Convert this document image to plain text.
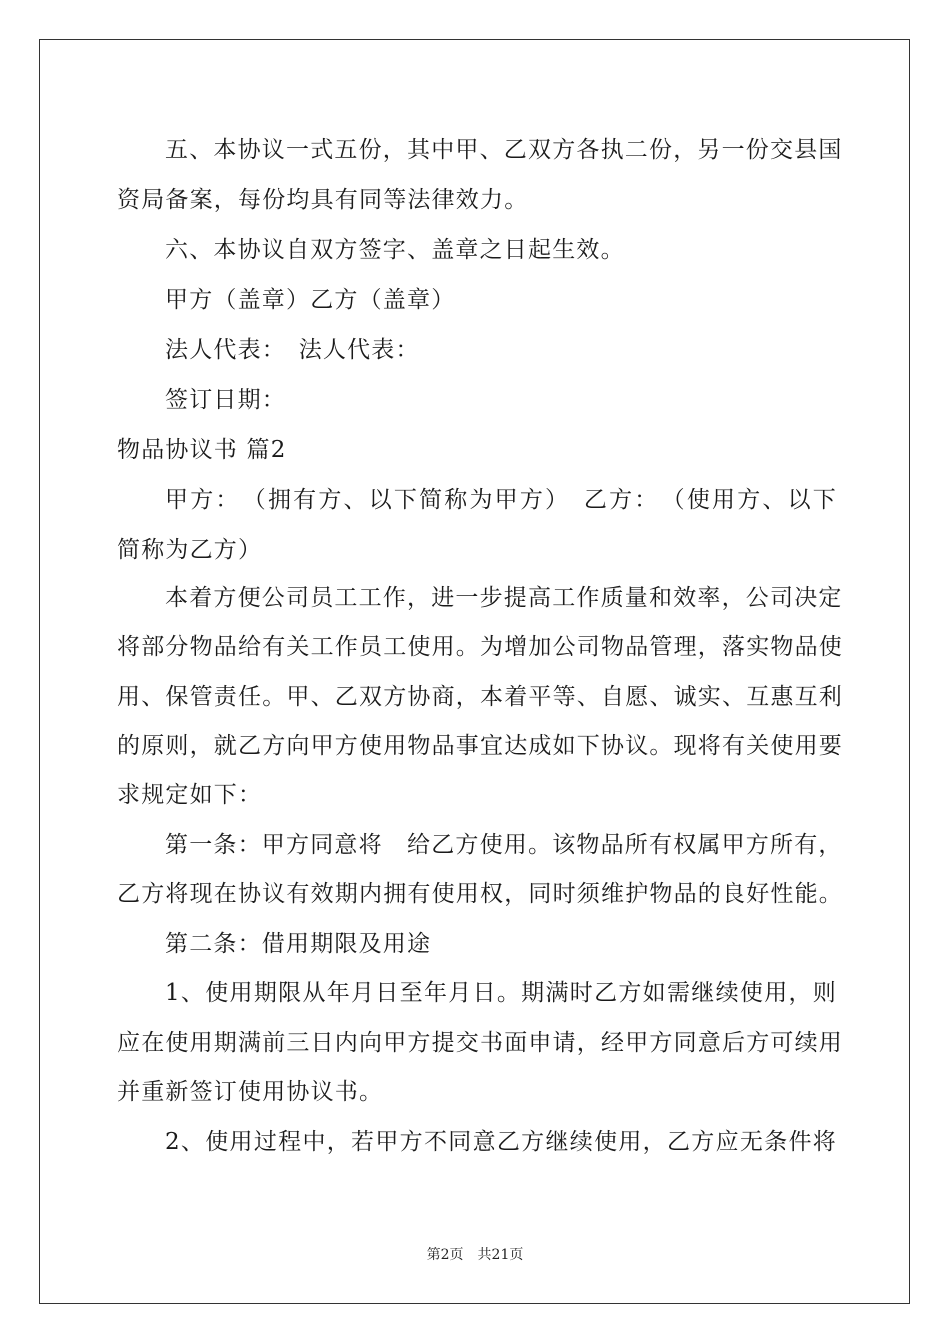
五、本协议一式五份，其中甲、乙双方各执二份，另一份交县国
资局备案，每份均具有同等法律效力。
六、本协议自双方签字、盖章之日起生效。
甲方（盖章）乙方（盖章）
法人代表：　法人代表：
签订日期：
物品协议书 篇2
甲方：　（拥有方、以下简称为甲方）　乙方：　（使用方、以下
简称为乙方）
本着方便公司员工工作，进一步提高工作质量和效率，公司决定
将部分物品给有关工作员工使用。为增加公司物品管理，落实物品使
用、保管责任。甲、乙双方协商，本着平等、自愿、诚实、互惠互利
的原则，就乙方向甲方使用物品事宜达成如下协议。现将有关使用要
求规定如下：
第一条：甲方同意将　给乙方使用。该物品所有权属甲方所有，
乙方将现在协议有效期内拥有使用权，同时须维护物品的良好性能。
第二条：借用期限及用途
1、使用期限从年月日至年月日。期满时乙方如需继续使用，则
应在使用期满前三日内向甲方提交书面申请，经甲方同意后方可续用
并重新签订使用协议书。
2、使用过程中，若甲方不同意乙方继续使用，乙方应无条件将
第2页　共21页
